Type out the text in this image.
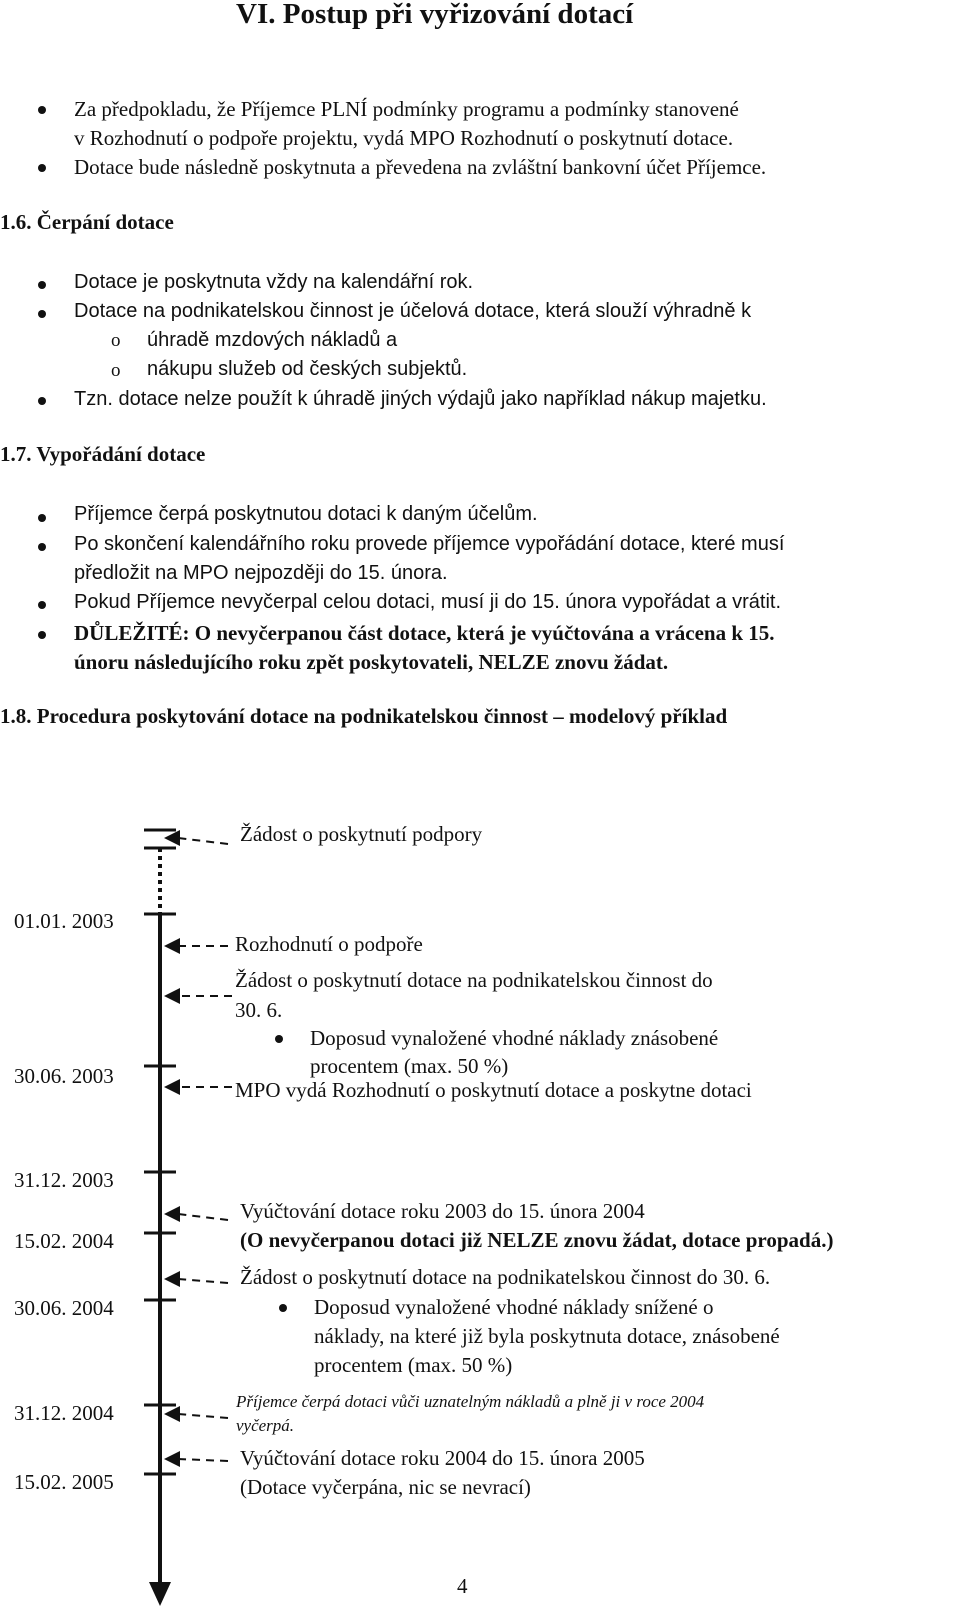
VI. Postup při vyřizování dotací
Za předpokladu, že Příjemce PLNÍ podmínky programu a podmínky stanovené
v Rozhodnutí o podpoře projektu, vydá MPO Rozhodnutí o poskytnutí dotace.
Dotace bude následně poskytnuta a převedena na zvláštní bankovní účet Příjemce.
1.6. Čerpání dotace
Dotace je poskytnuta vždy na kalendářní rok.
Dotace na podnikatelskou činnost je účelová dotace, která slouží výhradně k
o úhradě mzdových nákladů a
o nákupu služeb od českých subjektů.
Tzn. dotace nelze použít k úhradě jiných výdajů jako například nákup majetku.
1.7. Vypořádání dotace
Příjemce čerpá poskytnutou dotaci k daným účelům.
Po skončení kalendářního roku provede příjemce vypořádání dotace, které musí
předložit na MPO nejpozději do 15. února.
Pokud Příjemce nevyčerpal celou dotaci, musí ji do 15. února vypořádat a vrátit.
DŮLEŽITÉ: O nevyčerpanou část dotace, která je vyúčtována a vrácena k 15.
únoru následujícího roku zpět poskytovateli, NELZE znovu žádat.
1.8. Procedura poskytování dotace na podnikatelskou činnost – modelový příklad
01.01. 2003
30.06. 2003
31.12. 2003
15.02. 2004
30.06. 2004
31.12. 2004
15.02. 2005
Žádost o poskytnutí podpory
Rozhodnutí o podpoře
Žádost o poskytnutí dotace na podnikatelskou činnost do
30. 6.
Doposud vynaložené vhodné náklady znásobené
procentem (max. 50 %)
MPO vydá Rozhodnutí o poskytnutí dotace a poskytne dotaci
Vyúčtování dotace roku 2003 do 15. února 2004
(O nevyčerpanou dotaci již NELZE znovu žádat, dotace propadá.)
Žádost o poskytnutí dotace na podnikatelskou činnost do 30. 6.
Doposud vynaložené vhodné náklady snížené o
náklady, na které již byla poskytnuta dotace, znásobené
procentem (max. 50 %)
Příjemce čerpá dotaci vůči uznatelným nákladů a plně ji v roce 2004
vyčerpá.
Vyúčtování dotace roku 2004 do 15. února 2005
(Dotace vyčerpána, nic se nevrací)
4
